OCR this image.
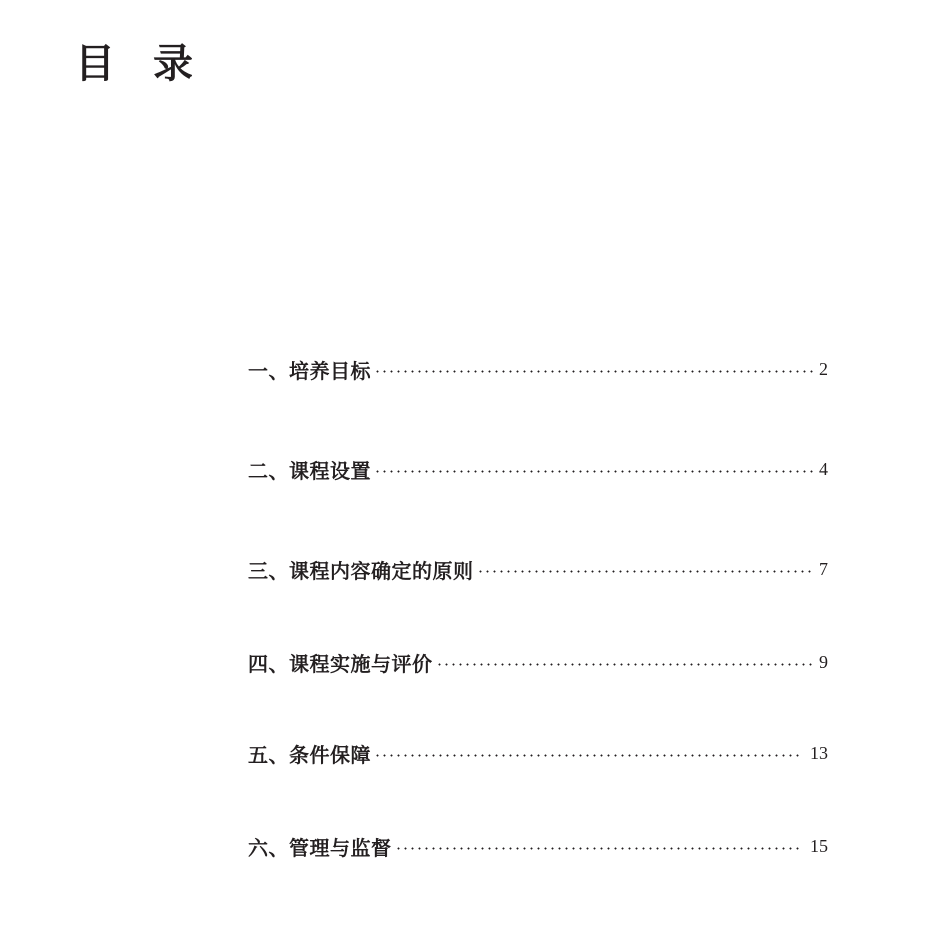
目 录
一、培养目标	2
二、课程设置	4
三、课程内容确定的原则	7
四、课程实施与评价	9
五、条件保障	13
六、管理与监督	15
